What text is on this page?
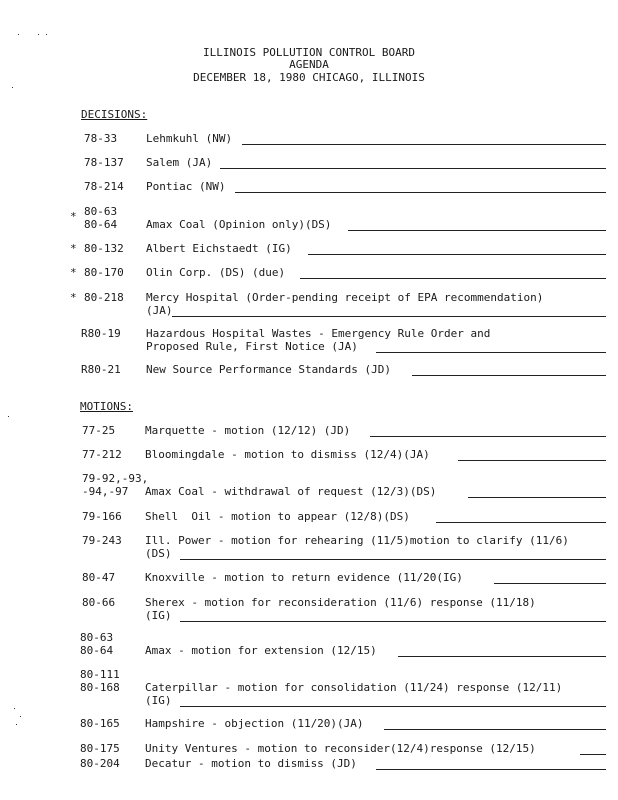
ILLINOIS POLLUTION CONTROL BOARD
AGENDA
DECEMBER 18, 1980 CHICAGO, ILLINOIS
DECISIONS:
78-33	Lehmkuhl (NW)
78-137 Salem (JA)
78-214 Pontiac (NW)
* 80-63
80-64	Amax Coal (Opinion only)(DS)
* 80-132 Albert Eichstaedt (IG)
* 80-170 Olin Corp. (DS) (due)
* 80-218 Mercy Hospital (Order-pending receipt of EPA recommendation)
(JA)
R80-19 Hazardous Hospital Wastes - Emergency Rule Order and
Proposed Rule, First Notice (JA)
R80-21 New Source Performance Standards (JD)
MOTIONS:
77-25	Marquette - motion (12/12) (JD)
77-212 Bloomingdale - motion to dismiss (12/4)(JA)
79-92,-93,
-94,-97	Amax Coal - withdrawal of request (12/3)(DS)
79-166 Shell  Oil - motion to appear (12/8)(DS)
79-243 Ill. Power - motion for rehearing (11/5)motion to clarify (11/6)
(DS)
80-47	Knoxville - motion to return evidence (11/20(IG)
80-66	Sherex - motion for reconsideration (11/6) response (11/18)
(IG)
80-63
80-64	Amax - motion for extension (12/15)
80-111
80-168 Caterpillar - motion for consolidation (11/24) response (12/11)
(IG)
80-165 Hampshire - objection (11/20)(JA)
80-175 Unity Ventures - motion to reconsider(12/4)response (12/15)
80-204 Decatur - motion to dismiss (JD)
